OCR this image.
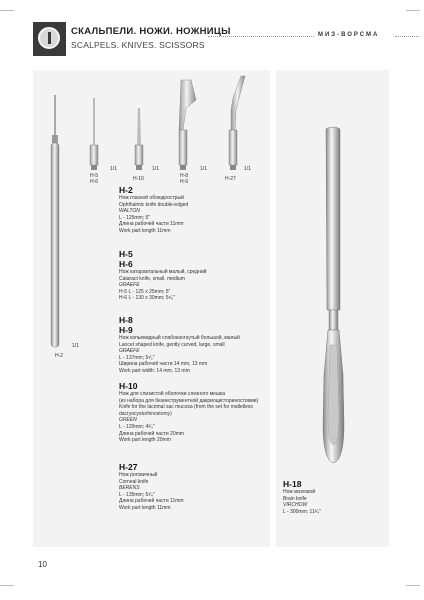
СКАЛЬПЕЛИ. НОЖИ. НОЖНИЦЫ
SCALPELS. KNIVES. SCISSORS
МИЗ-ВОРСМА
H-5
H-6
1/1
H-10
1/1
H-8
H-9
1/1
H-27
1/1
H-2
1/1
H-2
Нож глазной обоюдоострый
Ophthalmic knife double-edged
WALTON
L - 125mm; 5"
Длина рабочей части 11mm
Work part length 11mm
H-5
H-6
Нож катарактальный малый, средний
Cataract knife, small, medium
GRAEFE
H-5 L - 125 x 25mm; 5"
H-6 L - 130 x 30mm; 5¹⁄₈"
H-8
H-9
Нож копьевидный слабоизогнутый большой, малый
Lancet shaped knife, gently curved, large, small
GRAEFE
L - 137mm; 5¹⁄₂"
Ширина рабочей части 14 mm, 13 mm
Work part width: 14 mm, 13 mm
H-10
Нож для слизистой оболочки слезного мешка
(из набора для безинструментной дакриоцисториностомии)
Knife for the lacrimal sac mucosa (from the set for malletless
dacryocystorhinostomy)
GREEN
L - 120mm; 4³⁄₄"
Длина рабочей части 20mm
Work part length 20mm
H-27
Нож роговичный
Corneal knife
BERENS
L - 135mm; 5¹⁄₄"
Длина рабочей части 11mm
Work part length 11mm
H-18
Нож мозговой
Brain knife
VIRCHOW
L - 300mm; 11³⁄₄"
10
